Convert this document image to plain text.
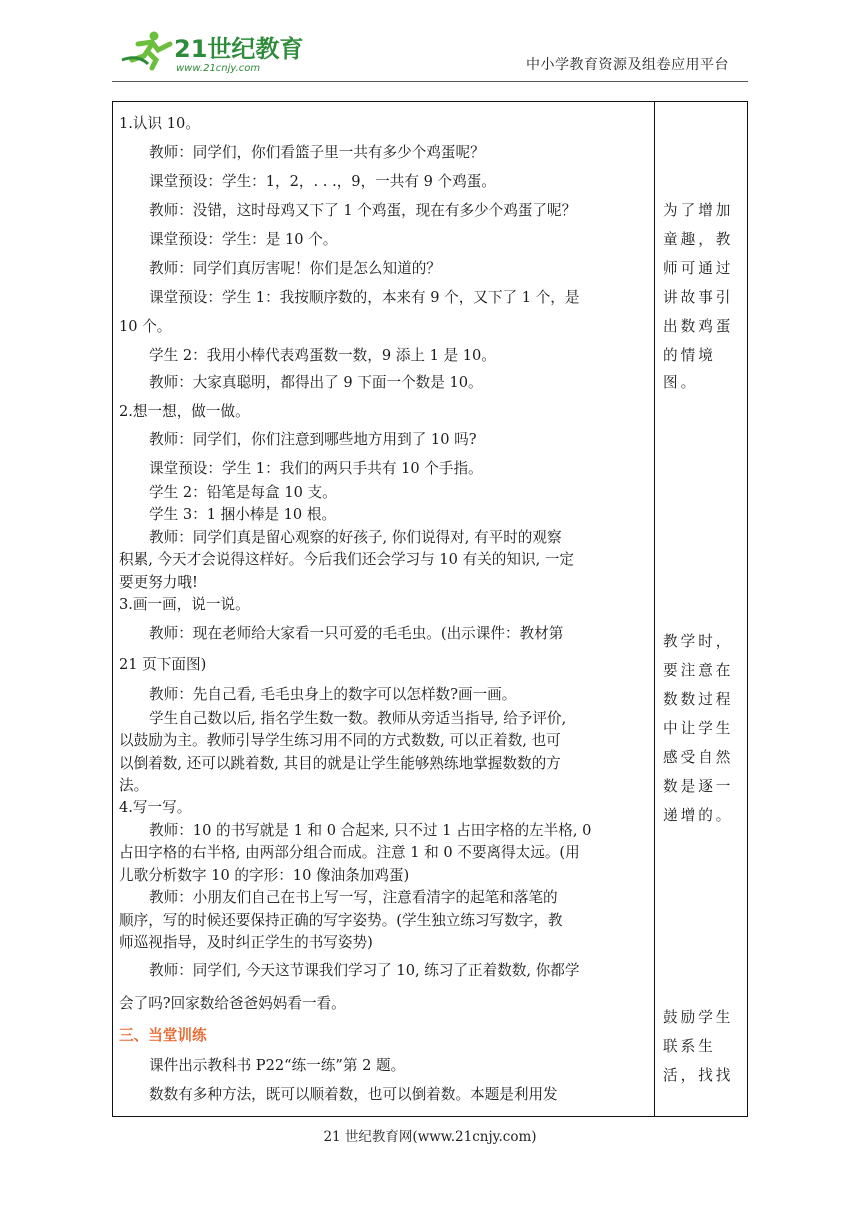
21世纪教育
www.21cnjy.com	中小学教育资源及组卷应用平台
1.认识 10。
教师：同学们，你们看篮子里一共有多少个鸡蛋呢？
课堂预设：学生：1，2，. . .，9，一共有 9 个鸡蛋。
教师：没错，这时母鸡又下了 1 个鸡蛋，现在有多少个鸡蛋了呢？
课堂预设：学生：是 10 个。
教师：同学们真厉害呢！你们是怎么知道的？
课堂预设：学生 1：我按顺序数的，本来有 9 个，又下了 1 个，是
10 个。
学生 2：我用小棒代表鸡蛋数一数，9 添上 1 是 10。
教师：大家真聪明，都得出了 9 下面一个数是 10。
2.想一想，做一做。
教师：同学们，你们注意到哪些地方用到了 10 吗?
课堂预设：学生 1：我们的两只手共有 10 个手指。
学生 2：铅笔是每盒 10 支。
学生 3：1 捆小棒是 10 根。
教师：同学们真是留心观察的好孩子, 你们说得对, 有平时的观察
积累, 今天才会说得这样好。今后我们还会学习与 10 有关的知识, 一定
要更努力哦!
3.画一画，说一说。
教师：现在老师给大家看一只可爱的毛毛虫。(出示课件：教材第
21 页下面图)
教师：先自己看, 毛毛虫身上的数字可以怎样数?画一画。
学生自己数以后, 指名学生数一数。教师从旁适当指导, 给予评价,
以鼓励为主。教师引导学生练习用不同的方式数数, 可以正着数, 也可
以倒着数, 还可以跳着数, 其目的就是让学生能够熟练地掌握数数的方
法。
4.写一写。
教师：10 的书写就是 1 和 0 合起来, 只不过 1 占田字格的左半格, 0
占田字格的右半格, 由两部分组合而成。注意 1 和 0 不要离得太远。(用
儿歌分析数字 10 的字形：10 像油条加鸡蛋)
教师：小朋友们自己在书上写一写，注意看清字的起笔和落笔的
顺序，写的时候还要保持正确的写字姿势。(学生独立练习写数字，教
师巡视指导，及时纠正学生的书写姿势)
教师：同学们, 今天这节课我们学习了 10, 练习了正着数数, 你都学
会了吗?回家数给爸爸妈妈看一看。
三、当堂训练
课件出示教科书 P22“练一练”第 2 题。
数数有多种方法，既可以顺着数，也可以倒着数。本题是利用发
为了增加
童趣，教
师可通过
讲故事引
出数鸡蛋
的情境
图。
教学时，
要注意在
数数过程
中让学生
感受自然
数是逐一
递增的。
鼓励学生
联系生
活，找找
21 世纪教育网(www.21cnjy.com)
